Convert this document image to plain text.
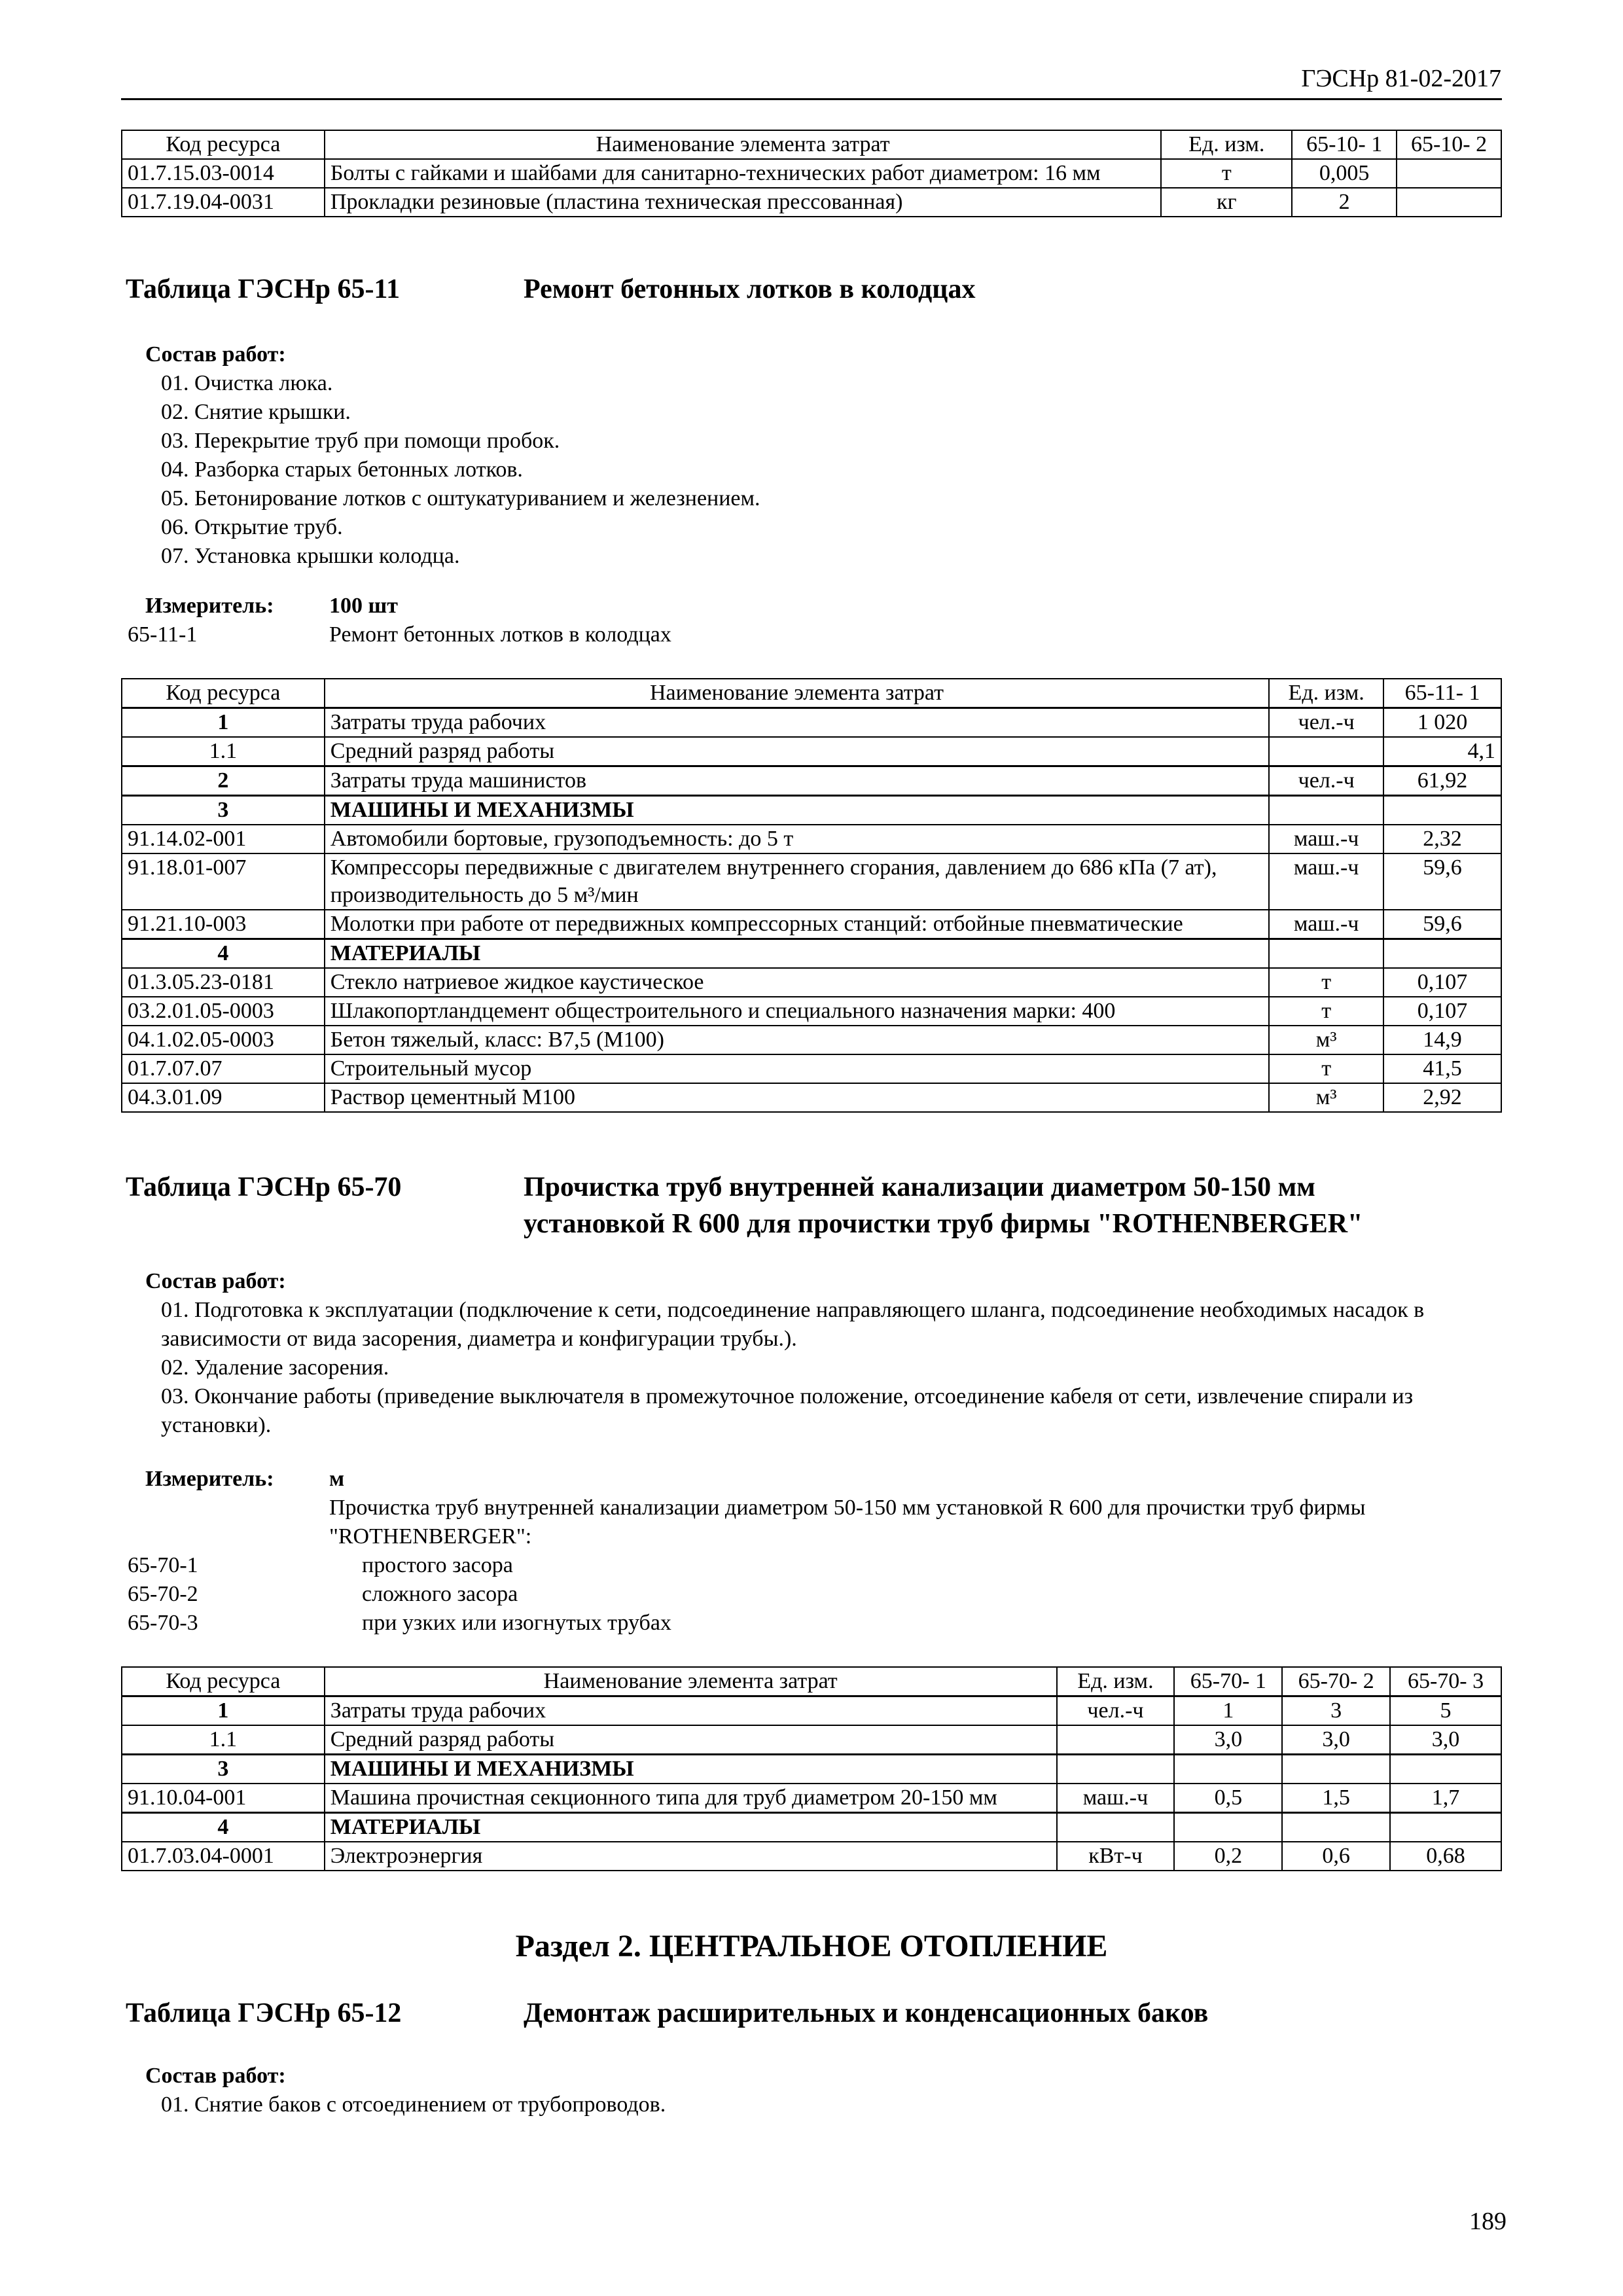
ГЭСНр 81-02-2017
Код ресурса	Наименование элемента затрат	Ед. изм.	65-10- 1	65-10- 2
01.7.15.03-0014	Болты с гайками и шайбами для санитарно-технических работ диаметром: 16 мм	т	0,005	
01.7.19.04-0031	Прокладки резиновые (пластина техническая прессованная)	кг	2	
Таблица ГЭСНр 65-11	Ремонт бетонных лотков в колодцах
Состав работ:
01. Очистка люка.
02. Снятие крышки.
03. Перекрытие труб при помощи пробок.
04. Разборка старых бетонных лотков.
05. Бетонирование лотков с оштукатуриванием и железнением.
06. Открытие труб.
07. Установка крышки колодца.
Измеритель: 100 шт
65-11-1	Ремонт бетонных лотков в колодцах
Код ресурса	Наименование элемента затрат	Ед. изм.	65-11- 1
1	Затраты труда рабочих	чел.-ч	1 020
1.1	Средний разряд работы		4,1
2	Затраты труда машинистов	чел.-ч	61,92
3	МАШИНЫ И МЕХАНИЗМЫ		
91.14.02-001	Автомобили бортовые, грузоподъемность: до 5 т	маш.-ч	2,32
91.18.01-007	Компрессоры передвижные с двигателем внутреннего сгорания, давлением до 686 кПа (7 ат), производительность до 5 м³/мин	маш.-ч	59,6
91.21.10-003	Молотки при работе от передвижных компрессорных станций: отбойные пневматические	маш.-ч	59,6
4	МАТЕРИАЛЫ		
01.3.05.23-0181	Стекло натриевое жидкое каустическое	т	0,107
03.2.01.05-0003	Шлакопортландцемент общестроительного и специального назначения марки: 400	т	0,107
04.1.02.05-0003	Бетон тяжелый, класс: В7,5 (М100)	м³	14,9
01.7.07.07	Строительный мусор	т	41,5
04.3.01.09	Раствор цементный М100	м³	2,92
Таблица ГЭСНр 65-70	Прочистка труб внутренней канализации диаметром 50-150 мм
установкой R 600 для прочистки труб фирмы "ROTHENBERGER"
Состав работ:
01. Подготовка к эксплуатации (подключение к сети, подсоединение направляющего шланга, подсоединение необходимых насадок в зависимости от вида засорения, диаметра и конфигурации трубы.).
02. Удаление засорения.
03. Окончание работы (приведение выключателя в промежуточное положение, отсоединение кабеля от сети, извлечение спирали из установки).
Измеритель: м
Прочистка труб внутренней канализации диаметром 50-150 мм установкой R 600 для прочистки труб фирмы "ROTHENBERGER":
65-70-1	простого засора
65-70-2	сложного засора
65-70-3	при узких или изогнутых трубах
Код ресурса	Наименование элемента затрат	Ед. изм.	65-70- 1	65-70- 2	65-70- 3
1	Затраты труда рабочих	чел.-ч	1	3	5
1.1	Средний разряд работы		3,0	3,0	3,0
3	МАШИНЫ И МЕХАНИЗМЫ				
91.10.04-001	Машина прочистная секционного типа для труб диаметром 20-150 мм	маш.-ч	0,5	1,5	1,7
4	МАТЕРИАЛЫ				
01.7.03.04-0001	Электроэнергия	кВт-ч	0,2	0,6	0,68
Раздел 2. ЦЕНТРАЛЬНОЕ ОТОПЛЕНИЕ
Таблица ГЭСНр 65-12	Демонтаж расширительных и конденсационных баков
Состав работ:
01. Снятие баков с отсоединением от трубопроводов.
189
